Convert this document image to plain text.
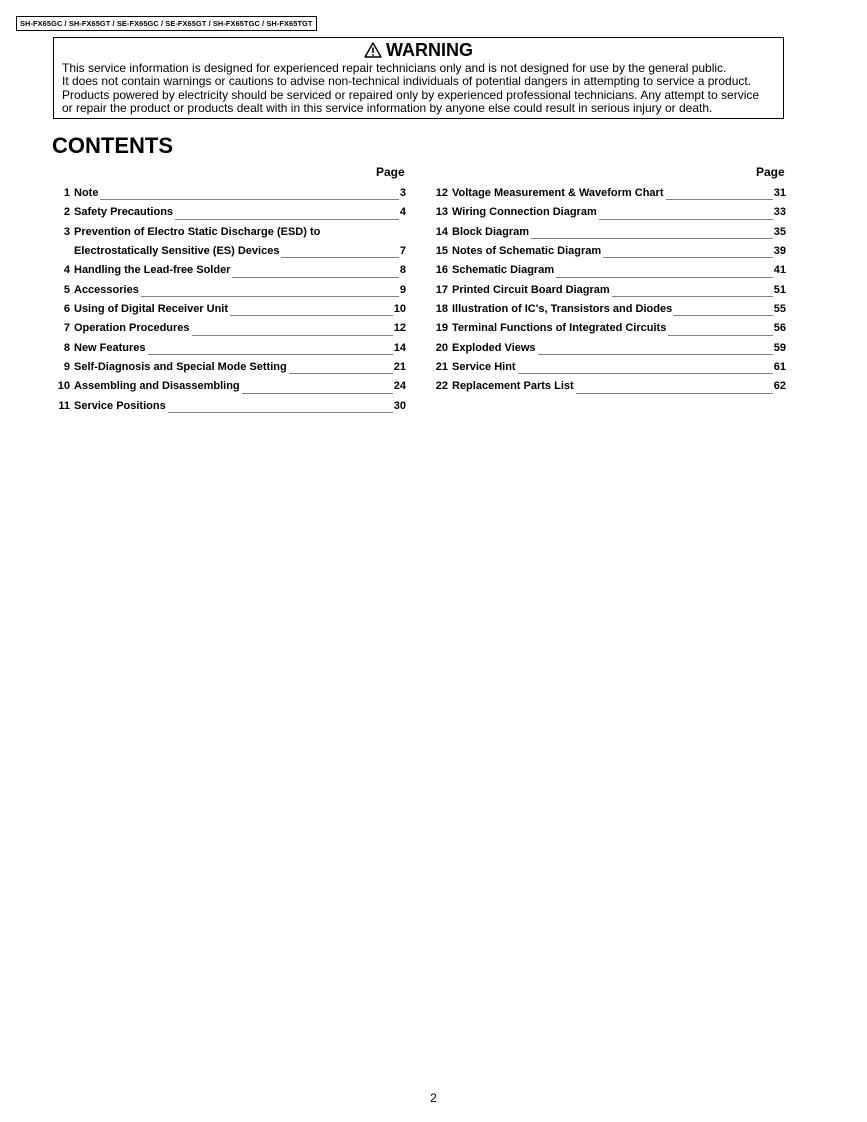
SH-FX65GC / SH-FX65GT / SE-FX65GC / SE-FX65GT / SH-FX65TGC / SH-FX65TGT
WARNING
This service information is designed for experienced repair technicians only and is not designed for use by the general public.
It does not contain warnings or cautions to advise non-technical individuals of potential dangers in attempting to service a product.
Products powered by electricity should be serviced or repaired only by experienced professional technicians. Any attempt to service
or repair the product or products dealt with in this service information by anyone else could result in serious injury or death.
CONTENTS
Page	Page
1 Note	3
2 Safety Precautions	4
3 Prevention of Electro Static Discharge (ESD) to
Electrostatically Sensitive (ES) Devices	7
4 Handling the Lead-free Solder	8
5 Accessories	9
6 Using of Digital Receiver Unit	10
7 Operation Procedures	12
8 New Features	14
9 Self-Diagnosis and Special Mode Setting	21
10 Assembling and Disassembling	24
11 Service Positions	30
12 Voltage Measurement & Waveform Chart	31
13 Wiring Connection Diagram	33
14 Block Diagram	35
15 Notes of Schematic Diagram	39
16 Schematic Diagram	41
17 Printed Circuit Board Diagram	51
18 Illustration of IC's, Transistors and Diodes	55
19 Terminal Functions of Integrated Circuits	56
20 Exploded Views	59
21 Service Hint	61
22 Replacement Parts List	62
2
